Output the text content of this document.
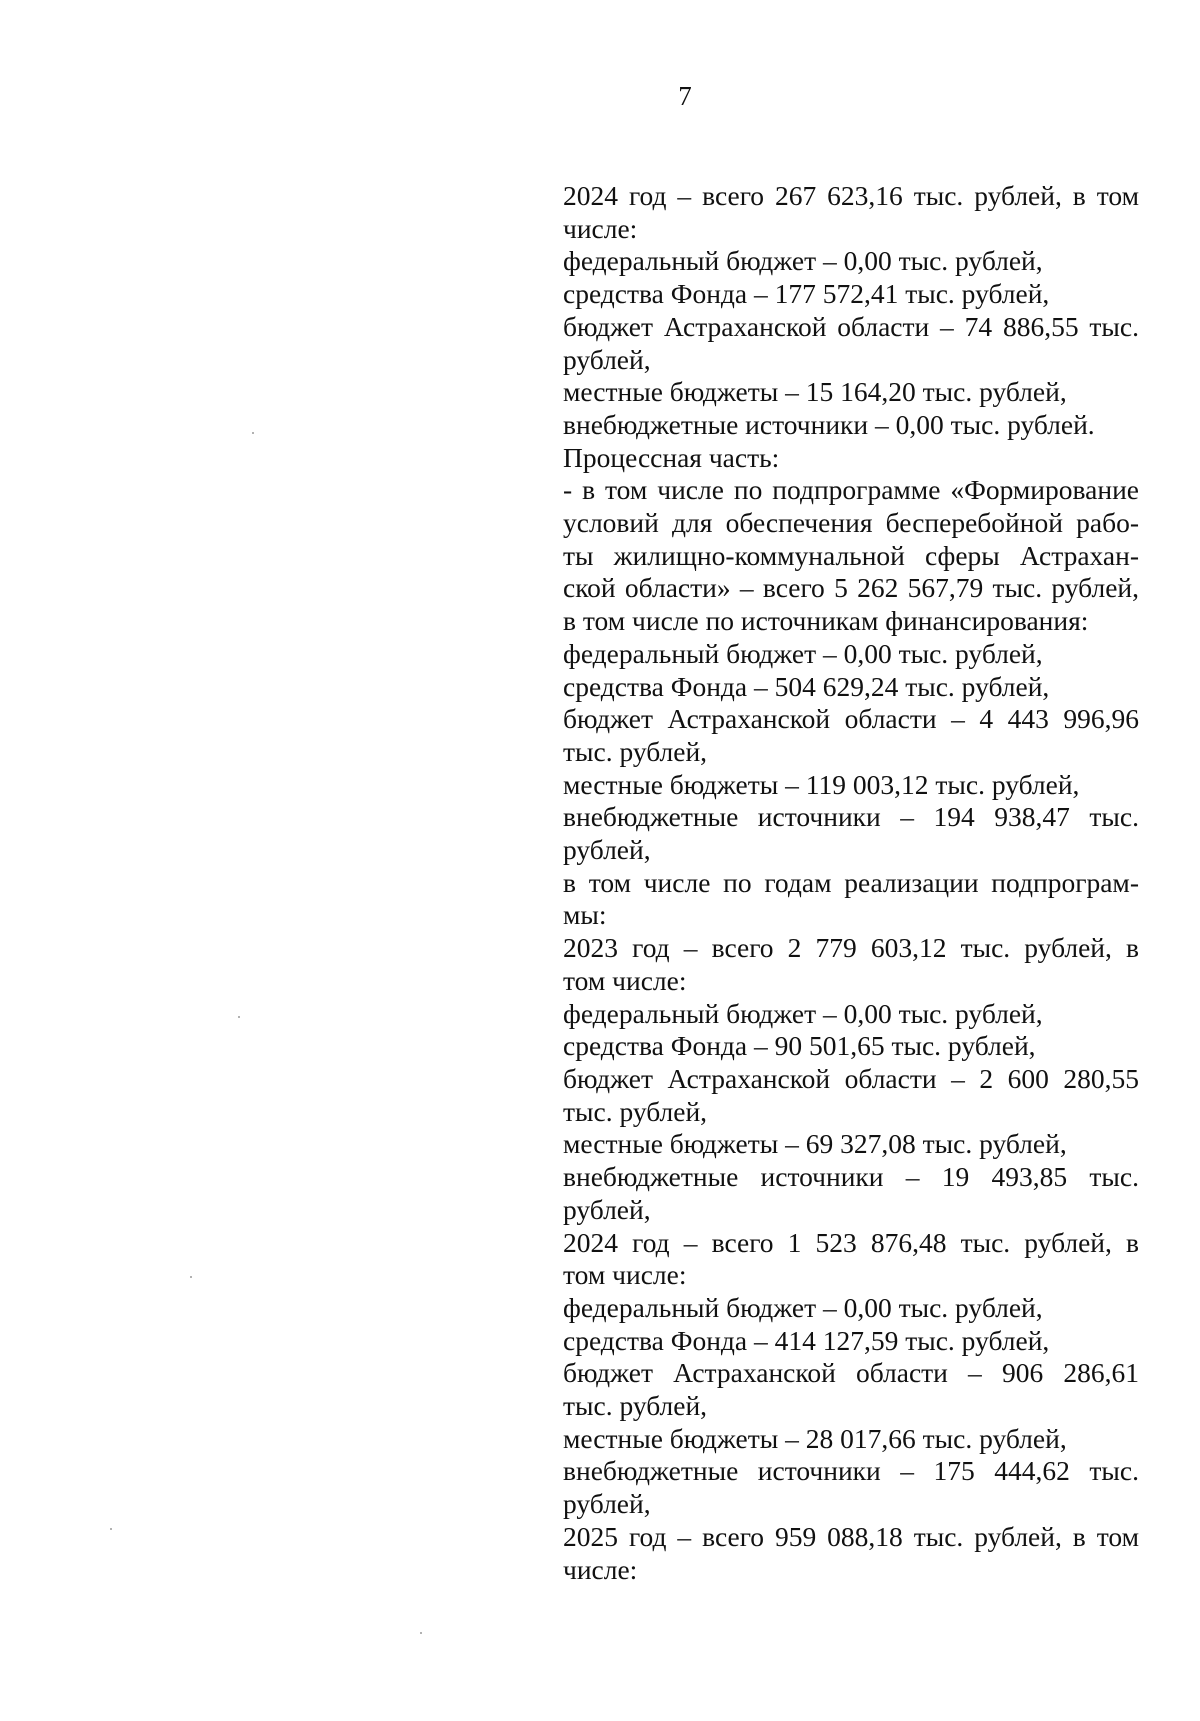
7
2024 год – всего 267 623,16 тыс. рублей, в том
числе:
федеральный бюджет – 0,00 тыс. рублей,
средства Фонда – 177 572,41 тыс. рублей,
бюджет Астраханской области – 74 886,55 тыс.
рублей,
местные бюджеты – 15 164,20 тыс. рублей,
внебюджетные источники – 0,00 тыс. рублей.
Процессная часть:
- в том числе по подпрограмме «Формирование
условий для обеспечения бесперебойной рабо-
ты жилищно-коммунальной сферы Астрахан-
ской области» – всего 5 262 567,79 тыс. рублей,
в том числе по источникам финансирования:
федеральный бюджет – 0,00 тыс. рублей,
средства Фонда – 504 629,24 тыс. рублей,
бюджет Астраханской области – 4 443 996,96
тыс. рублей,
местные бюджеты – 119 003,12 тыс. рублей,
внебюджетные источники – 194 938,47 тыс.
рублей,
в том числе по годам реализации подпрограм-
мы:
2023 год – всего 2 779 603,12 тыс. рублей, в
том числе:
федеральный бюджет – 0,00 тыс. рублей,
средства Фонда – 90 501,65 тыс. рублей,
бюджет Астраханской области – 2 600 280,55
тыс. рублей,
местные бюджеты – 69 327,08 тыс. рублей,
внебюджетные источники – 19 493,85 тыс.
рублей,
2024 год – всего 1 523 876,48 тыс. рублей, в
том числе:
федеральный бюджет – 0,00 тыс. рублей,
средства Фонда – 414 127,59 тыс. рублей,
бюджет Астраханской области – 906 286,61
тыс. рублей,
местные бюджеты – 28 017,66 тыс. рублей,
внебюджетные источники – 175 444,62 тыс.
рублей,
2025 год – всего 959 088,18 тыс. рублей, в том
числе:
